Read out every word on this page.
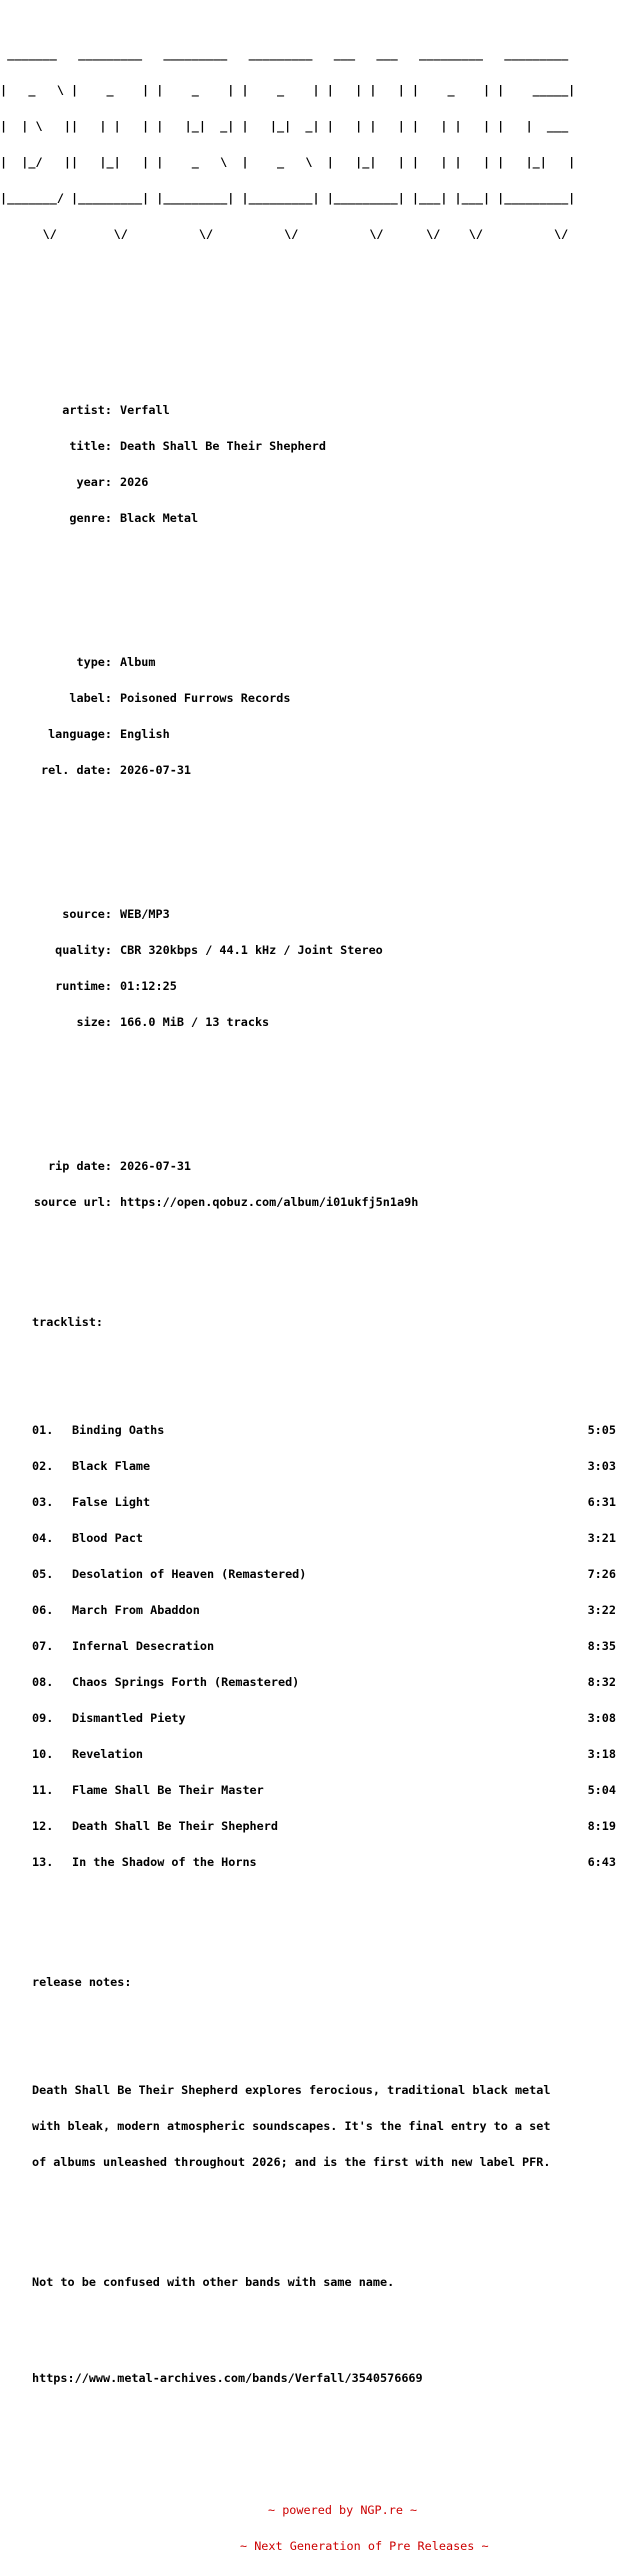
_______   _________   _________   _________   ___   ___   _________   _________

|   _   \ |    _    | |    _    | |    _    | |   | |   | |    _    | |    _____|

|  | \   ||   | |   | |   |_|  _| |   |_|  _| |   | |   | |   | |   | |   |  ___

|  |_/   ||   |_|   | |    _   \  |    _   \  |   |_|   | |   | |   | |   |_|   |

|_______/ |_________| |_________| |_________| |_________| |___| |___| |_________|

\/        \/          \/          \/          \/      \/    \/          \/

artist: Verfall

title: Death Shall Be Their Shepherd

year: 2026

genre: Black Metal

type: Album

label: Poisoned Furrows Records

language: English

rel. date: 2026-07-31

source: WEB/MP3

quality: CBR 320kbps / 44.1 kHz / Joint Stereo

runtime: 01:12:25

size: 166.0 MiB / 13 tracks

rip date: 2026-07-31

source url: https://open.qobuz.com/album/i01ukfj5n1a9h

tracklist:

01.	Binding Oaths	5:05

02.	Black Flame	3:03

03.	False Light	6:31

04.	Blood Pact	3:21

05.	Desolation of Heaven (Remastered)	7:26

06.	March From Abaddon	3:22

07.	Infernal Desecration	8:35

08.	Chaos Springs Forth (Remastered)	8:32

09.	Dismantled Piety	3:08

10.	Revelation	3:18

11.	Flame Shall Be Their Master	5:04

12.	Death Shall Be Their Shepherd	8:19

13.	In the Shadow of the Horns	6:43

release notes:

Death Shall Be Their Shepherd explores ferocious, traditional black metal

with bleak, modern atmospheric soundscapes. It's the final entry to a set

of albums unleashed throughout 2026; and is the first with new label PFR.

Not to be confused with other bands with same name.

https://www.metal-archives.com/bands/Verfall/3540576669

~ powered by NGP.re ~

~ Next Generation of Pre Releases ~
